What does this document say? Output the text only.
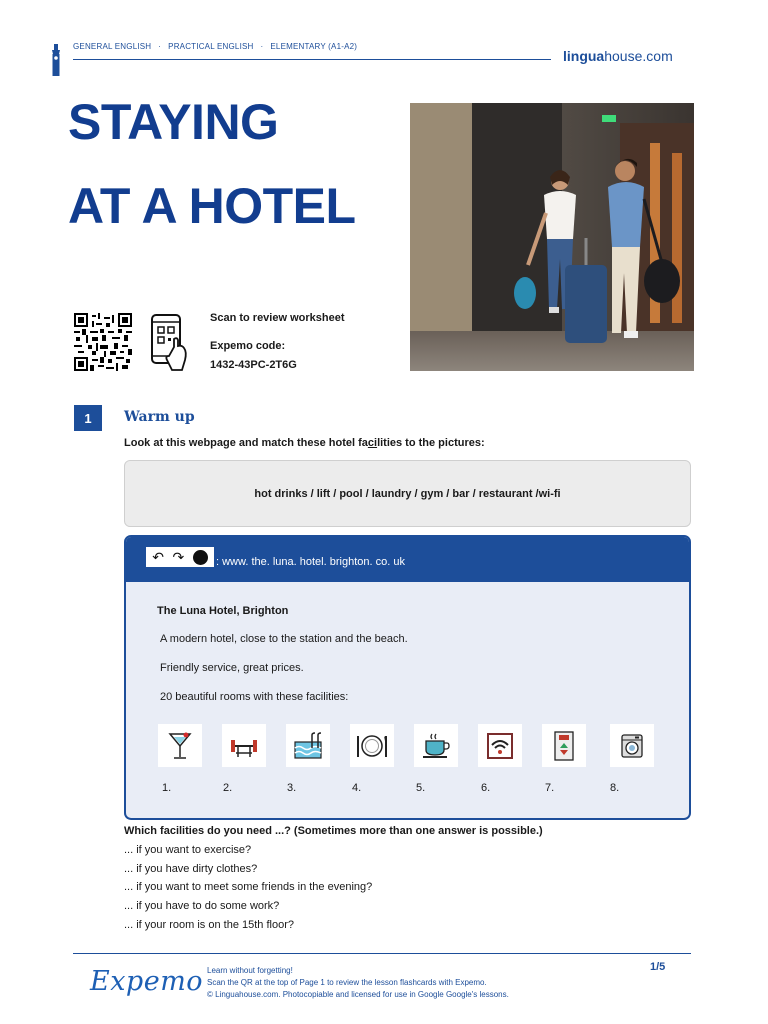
GENERAL ENGLISH · PRACTICAL ENGLISH · ELEMENTARY (A1-A2)
linguahouse.com
STAYING
AT A HOTEL
Scan to review worksheet
Expemo code:
1432-43PC-2T6G
1	Warm up
Look at this webpage and match these hotel facilities to the pictures:
hot drinks / lift / pool / laundry / gym / bar / restaurant /wi-fi
↶ ↷ ⟳ : www. the. luna. hotel. brighton. co. uk
The Luna Hotel, Brighton
A modern hotel, close to the station and the beach.
Friendly service, great prices.
20 beautiful rooms with these facilities:
1.	2.	3.	4.	5.	6.	7.	8.
Which facilities do you need ...? (Sometimes more than one answer is possible.)
... if you want to exercise?
... if you have dirty clothes?
... if you want to meet some friends in the evening?
... if you have to do some work?
... if your room is on the 15th floor?
Expemo Learn without forgetting!
Scan the QR at the top of Page 1 to review the lesson flashcards with Expemo.
© Linguahouse.com. Photocopiable and licensed for use in Google Google's lessons.
1/5
